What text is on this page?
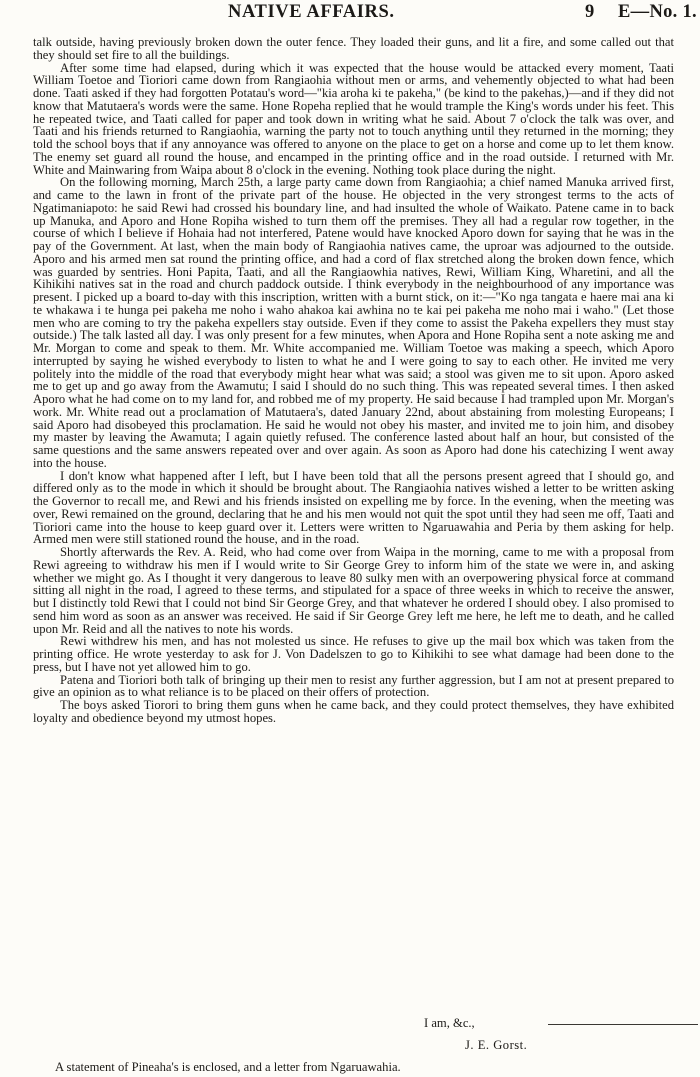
NATIVE AFFAIRS.	9 E—No. 1.

talk outside, having previously broken down the outer fence. They loaded their guns, and lit a fire, and some called out that they should set fire to all the buildings.

After some time had elapsed, during which it was expected that the house would be attacked every moment, Taati William Toetoe and Tioriori came down from Rangiaohia without men or arms, and vehemently objected to what had been done. Taati asked if they had forgotten Potatau's word—"kia aroha ki te pakeha," (be kind to the pakehas,)—and if they did not know that Matutaera's words were the same. Hone Ropeha replied that he would trample the King's words under his feet. This he repeated twice, and Taati called for paper and took down in writing what he said. About 7 o'clock the talk was over, and Taati and his friends returned to Rangiaohia, warning the party not to touch anything until they returned in the morning; they told the school boys that if any annoyance was offered to anyone on the place to get on a horse and come up to let them know. The enemy set guard all round the house, and encamped in the printing office and in the road outside. I returned with Mr. White and Mainwaring from Waipa about 8 o'clock in the evening. Nothing took place during the night.

On the following morning, March 25th, a large party came down from Rangiaohia; a chief named Manuka arrived first, and came to the lawn in front of the private part of the house. He objected in the very strongest terms to the acts of Ngatimaniapoto: he said Rewi had crossed his boundary line, and had insulted the whole of Waikato. Patene came in to back up Manuka, and Aporo and Hone Ropiha wished to turn them off the premises. They all had a regular row together, in the course of which I believe if Hohaia had not interfered, Patene would have knocked Aporo down for saying that he was in the pay of the Government. At last, when the main body of Rangiaohia natives came, the uproar was adjourned to the outside. Aporo and his armed men sat round the printing office, and had a cord of flax stretched along the broken down fence, which was guarded by sentries. Honi Papita, Taati, and all the Rangiaowhia natives, Rewi, William King, Wharetini, and all the Kihikihi natives sat in the road and church paddock outside. I think everybody in the neighbourhood of any importance was present. I picked up a board to-day with this inscription, written with a burnt stick, on it:—"Ko nga tangata e haere mai ana ki te whakawa i te hunga pei pakeha me noho i waho ahakoa kai awhina no te kai pei pakeha me noho mai i waho." (Let those men who are coming to try the pakeha expellers stay outside. Even if they come to assist the Pakeha expellers they must stay outside.) The talk lasted all day. I was only present for a few minutes, when Apora and Hone Ropiha sent a note asking me and Mr. Morgan to come and speak to them. Mr. White accompanied me. William Toetoe was making a speech, which Aporo interrupted by saying he wished everybody to listen to what he and I were going to say to each other. He invited me very politely into the middle of the road that everybody might hear what was said; a stool was given me to sit upon. Aporo asked me to get up and go away from the Awamutu; I said I should do no such thing. This was repeated several times. I then asked Aporo what he had come on to my land for, and robbed me of my property. He said because I had trampled upon Mr. Morgan's work. Mr. White read out a proclamation of Matutaera's, dated January 22nd, about abstaining from molesting Europeans; I said Aporo had disobeyed this proclamation. He said he would not obey his master, and invited me to join him, and disobey my master by leaving the Awamuta; I again quietly refused. The conference lasted about half an hour, but consisted of the same questions and the same answers repeated over and over again. As soon as Aporo had done his catechizing I went away into the house.

I don't know what happened after I left, but I have been told that all the persons present agreed that I should go, and differed only as to the mode in which it should be brought about. The Rangiaohia natives wished a letter to be written asking the Governor to recall me, and Rewi and his friends insisted on expelling me by force. In the evening, when the meeting was over, Rewi remained on the ground, declaring that he and his men would not quit the spot until they had seen me off, Taati and Tioriori came into the house to keep guard over it. Letters were written to Ngaruawahia and Peria by them asking for help. Armed men were still stationed round the house, and in the road.

Shortly afterwards the Rev. A. Reid, who had come over from Waipa in the morning, came to me with a proposal from Rewi agreeing to withdraw his men if I would write to Sir George Grey to inform him of the state we were in, and asking whether we might go. As I thought it very dangerous to leave 80 sulky men with an overpowering physical force at command sitting all night in the road, I agreed to these terms, and stipulated for a space of three weeks in which to receive the answer, but I distinctly told Rewi that I could not bind Sir George Grey, and that whatever he ordered I should obey. I also promised to send him word as soon as an answer was received. He said if Sir George Grey left me here, he left me to death, and he called upon Mr. Reid and all the natives to note his words.

Rewi withdrew his men, and has not molested us since. He refuses to give up the mail box which was taken from the printing office. He wrote yesterday to ask for J. Von Dadelszen to go to Kihikihi to see what damage had been done to the press, but I have not yet allowed him to go.

Patena and Tioriori both talk of bringing up their men to resist any further aggression, but I am not at present prepared to give an opinion as to what reliance is to be placed on their offers of protection.

The boys asked Tiorori to bring them guns when he came back, and they could protect themselves, they have exhibited loyalty and obedience beyond my utmost hopes.

I am, &c.,
J. E. Gorst.
A statement of Pineaha's is enclosed, and a letter from Ngaruawahia.
